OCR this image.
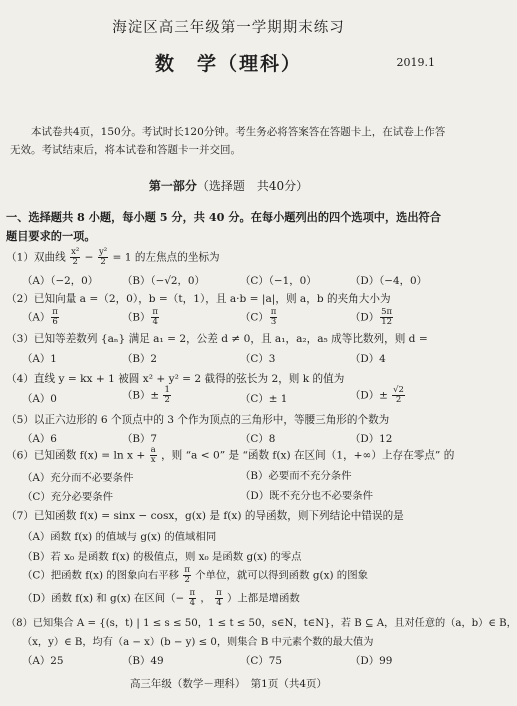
海淀区高三年级第一学期期末练习
数　学（理科）	2019.1
本试卷共4页，150分。考试时长120分钟。考生务必将答案答在答题卡上，在试卷上作答无效。考试结束后，将本试卷和答题卡一并交回。
第一部分（选择题　共40分）
一、选择题共 8 小题，每小题 5 分，共 40 分。在每小题列出的四个选项中，选出符合题目要求的一项。
（1）双曲线 $\frac{\text{x²}}{2} - \frac{\text{y²}}{2} = 1$ 的左焦点的坐标为
（A）（−2，0） （B）（−√2，0）	（C）（−1，0）	（D）（−4，0）
（2）已知向量 a =（2，0），b =（t，1），且 a·b = |a|，则 a，b 的夹角大小为
$(A) \frac{\pi}{6}$	$(B) \frac{\pi}{4}$	$(C) \frac{\pi}{3}$	$(D) \frac{5\pi}{12}$
（3）已知等差数列 {aₙ} 满足 a₁ = 2，公差 d ≠ 0，且 a₁，a₂，a₅ 成等比数列，则 d =
（A）1	（B）2	（C）3	（D）4
（4）直线 y = kx + 1 被圆 x² + y² = 2 截得的弦长为 2，则 k 的值为
（A）0	$(B)\pm \frac{1}{2}$	（C）± 1	$(D)\pm \frac{√2}{2}$
（5）以正六边形的 6 个顶点中的 3 个作为顶点的三角形中，等腰三角形的个数为
（A）6	（B）7	（C）8	（D）12
（6）已知函数 $f(x) = \ln x + \frac{a}{x}$ ，则 “a < 0” 是 “函数 f(x) 在区间（1，+∞）上存在零点” 的
（A）充分而不必要条件	（B）必要而不充分条件
（C）充分必要条件	（D）既不充分也不必要条件
（7）已知函数 f(x) = sinx − cosx，g(x) 是 f(x) 的导函数，则下列结论中错误的是
（A）函数 f(x) 的值域与 g(x) 的值域相同
（B）若 x₀ 是函数 f(x) 的极值点，则 x₀ 是函数 g(x) 的零点
（C）把函数 f(x) 的图象向右平移 $\frac{\pi}{2}$ 个单位，就可以得到函数 g(x) 的图象
（D）函数 f(x) 和 g(x) 在区间（− $\frac{\pi}{4}$ ， $\frac{\pi}{4}$ ）上都是增函数
（8）已知集合 A = {(s，t) | 1 ≤ s ≤ 50，1 ≤ t ≤ 50，s∈N，t∈N}，若 B ⊆ A，且对任意的（a，b）∈ B，
（x，y）∈ B，均有（a − x）(b − y) ≤ 0，则集合 B 中元素个数的最大值为
（A）25	（B）49	（C）75	（D）99
高三年级（数学－理科）　第1页（共4页）
